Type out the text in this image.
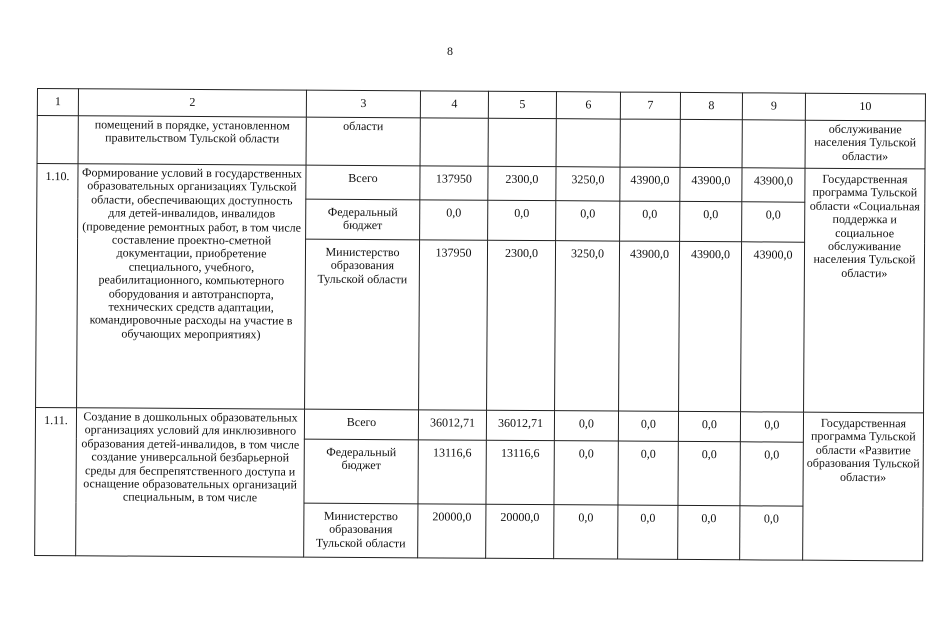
8
1	2	3	4	5	6	7	8	9	10
	помещений в порядке, установленном правительством Тульской области	области							обслуживание населения Тульской области»
1.10.	Формирование условий в государственных образовательных организациях Тульской области, обеспечивающих доступность для детей-инвалидов, инвалидов (проведение ремонтных работ, в том числе составление проектно-сметной документации, приобретение специального, учебного, реабилитационного, компьютерного оборудования и автотранспорта, технических средств адаптации, командировочные расходы на участие в обучающих мероприятиях)	Всего	137950	2300,0	3250,0	43900,0	43900,0	43900,0	Государственная программа Тульской области «Социальная поддержка и социальное обслуживание населения Тульской области»
		Федеральный бюджет	0,0	0,0	0,0	0,0	0,0	0,0	
		Министерство образования Тульской области	137950	2300,0	3250,0	43900,0	43900,0	43900,0	
1.11.	Создание в дошкольных образовательных организациях условий для инклюзивного образования детей-инвалидов, в том числе создание универсальной безбарьерной среды для беспрепятственного доступа и оснащение образовательных организаций специальным, в том числе	Всего	36012,71	36012,71	0,0	0,0	0,0	0,0	Государственная программа Тульской области «Развитие образования Тульской области»
		Федеральный бюджет	13116,6	13116,6	0,0	0,0	0,0	0,0	
		Министерство образования Тульской области	20000,0	20000,0	0,0	0,0	0,0	0,0	
